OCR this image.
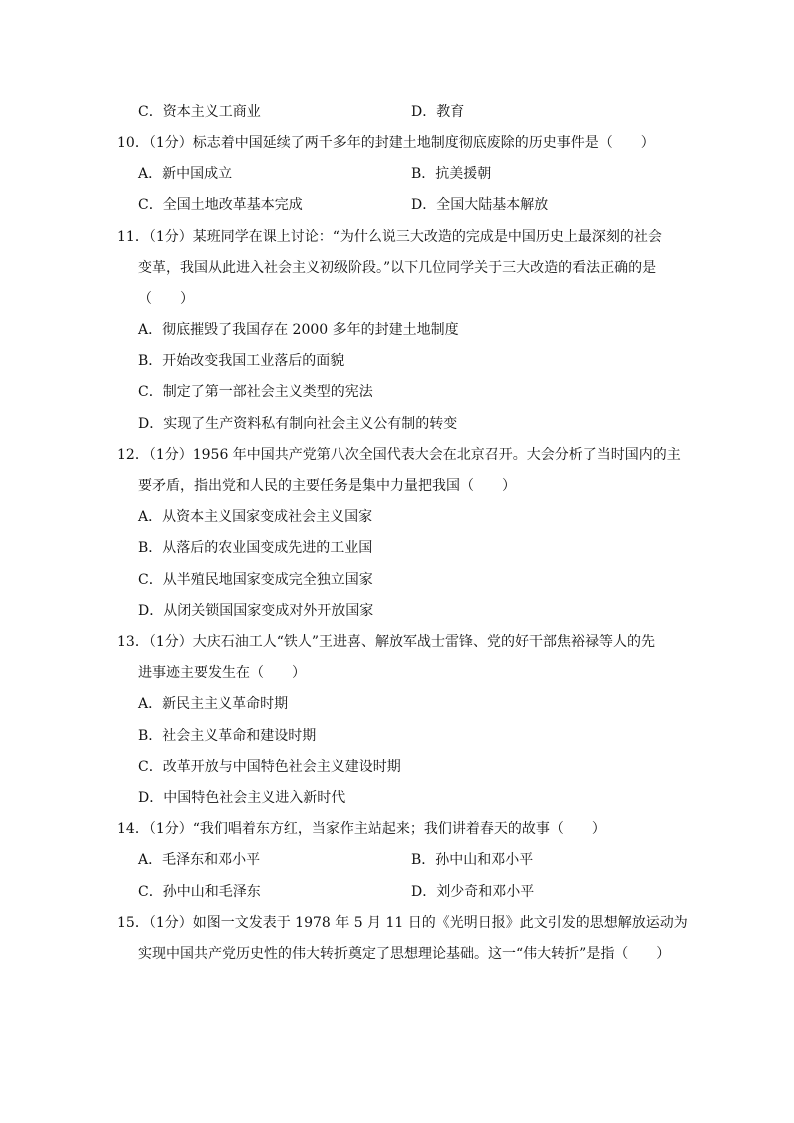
C．资本主义工商业	D．教育
10．（1分）标志着中国延续了两千多年的封建土地制度彻底废除的历史事件是（　　）
A．新中国成立	B．抗美援朝
C．全国土地改革基本完成	D．全国大陆基本解放
11．（1分）某班同学在课上讨论：“为什么说三大改造的完成是中国历史上最深刻的社会
变革，我国从此进入社会主义初级阶段。”以下几位同学关于三大改造的看法正确的是
（　　）
A．彻底摧毁了我国存在 2000 多年的封建土地制度
B．开始改变我国工业落后的面貌
C．制定了第一部社会主义类型的宪法
D．实现了生产资料私有制向社会主义公有制的转变
12．（1分）1956 年中国共产党第八次全国代表大会在北京召开。大会分析了当时国内的主
要矛盾，指出党和人民的主要任务是集中力量把我国（　　）
A．从资本主义国家变成社会主义国家
B．从落后的农业国变成先进的工业国
C．从半殖民地国家变成完全独立国家
D．从闭关锁国国家变成对外开放国家
13．（1分）大庆石油工人“铁人”王进喜、解放军战士雷锋、党的好干部焦裕禄等人的先
进事迹主要发生在（　　）
A．新民主主义革命时期
B．社会主义革命和建设时期
C．改革开放与中国特色社会主义建设时期
D．中国特色社会主义进入新时代
14．（1分）“我们唱着东方红，当家作主站起来；我们讲着春天的故事（　　）
A．毛泽东和邓小平	B．孙中山和邓小平
C．孙中山和毛泽东	D．刘少奇和邓小平
15．（1分）如图一文发表于 1978 年 5 月 11 日的《光明日报》此文引发的思想解放运动为
实现中国共产党历史性的伟大转折奠定了思想理论基础。这一“伟大转折”是指（　　）
